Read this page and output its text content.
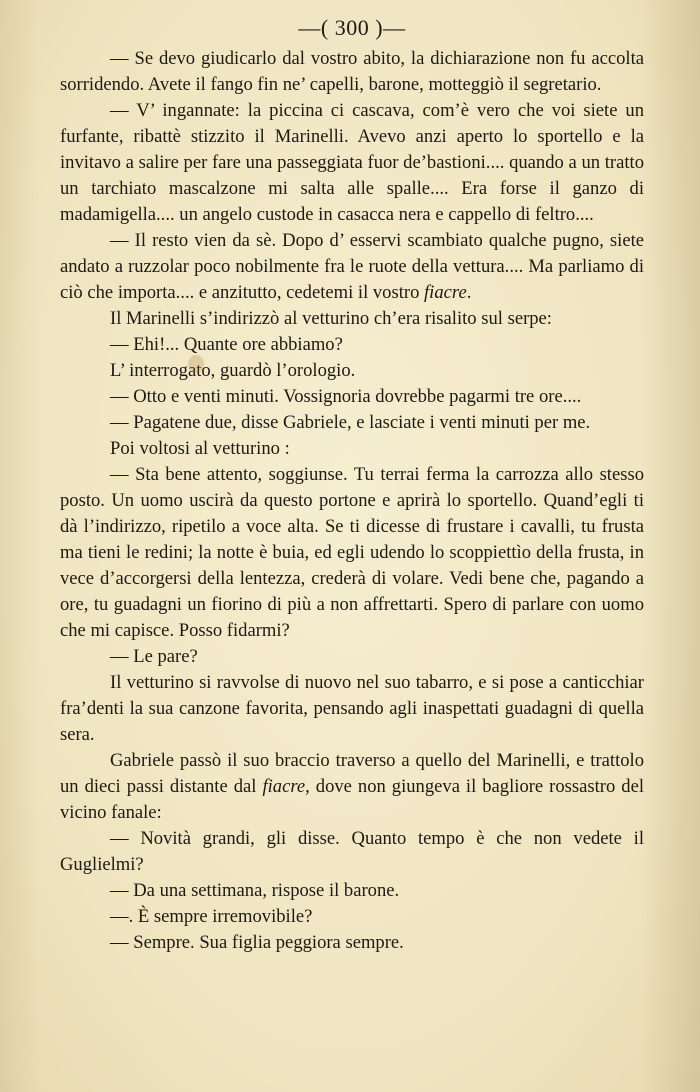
—( 300 )—

— Se devo giudicarlo dal vostro abito, la dichiarazione non fu accolta sorridendo. Avete il fango fin ne’ capelli, barone, motteggiò il segretario.

— V’ ingannate: la piccina ci cascava, com’è vero che voi siete un furfante, ribattè stizzito il Marinelli. Avevo anzi aperto lo sportello e la invitavo a salire per fare una passeggiata fuor de’bastioni.... quando a un tratto un tarchiato mascalzone mi salta alle spalle.... Era forse il ganzo di madamigella.... un angelo custode in casacca nera e cappello di feltro....

— Il resto vien da sè. Dopo d’ esservi scambiato qualche pugno, siete andato a ruzzolar poco nobilmente fra le ruote della vettura.... Ma parliamo di ciò che importa.... e anzitutto, cedetemi il vostro fiacre.

Il Marinelli s’indirizzò al vetturino ch’era risalito sul serpe:

— Ehi!... Quante ore abbiamo?

L’ interrogato, guardò l’orologio.

— Otto e venti minuti. Vossignoria dovrebbe pagarmi tre ore....

— Pagatene due, disse Gabriele, e lasciate i venti minuti per me.

Poi voltosi al vetturino :

— Sta bene attento, soggiunse. Tu terrai ferma la carrozza allo stesso posto. Un uomo uscirà da questo portone e aprirà lo sportello. Quand’egli ti dà l’indirizzo, ripetilo a voce alta. Se ti dicesse di frustare i cavalli, tu frusta ma tieni le redini; la notte è buia, ed egli udendo lo scoppiettìo della frusta, in vece d’accorgersi della lentezza, crederà di volare. Vedi bene che, pagando a ore, tu guadagni un fiorino di più a non affrettarti. Spero di parlare con uomo che mi capisce. Posso fidarmi?

— Le pare?

Il vetturino si ravvolse di nuovo nel suo tabarro, e si pose a canticchiar fra’denti la sua canzone favorita, pensando agli inaspettati guadagni di quella sera.

Gabriele passò il suo braccio traverso a quello del Marinelli, e trattolo un dieci passi distante dal fiacre, dove non giungeva il bagliore rossastro del vicino fanale:

— Novità grandi, gli disse. Quanto tempo è che non vedete il Guglielmi?

— Da una settimana, rispose il barone.

—. È sempre irremovibile?

— Sempre. Sua figlia peggiora sempre.
